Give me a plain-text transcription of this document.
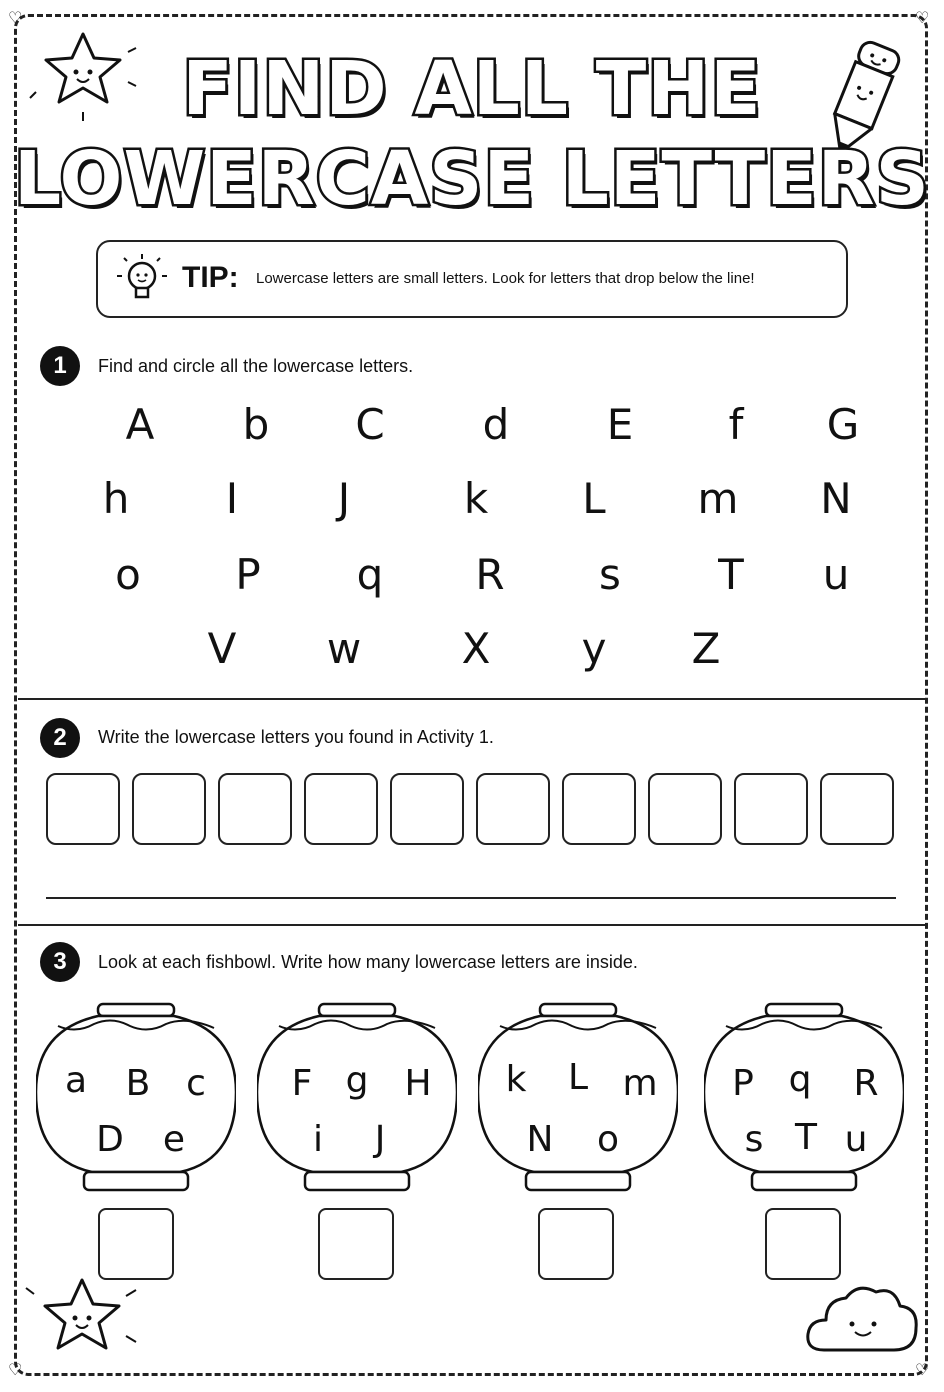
♡	♡
♡	♡
FIND ALL THE
LOWERCASE LETTERS
TIP: Lowercase letters are small letters. Look for letters that drop below the line!
1	Find and circle all the lowercase letters.
A	b	C	d	E	f	G
h	I	J	k	L	m	N
o	P	q	R	s	T	u
V	w	X	y	Z
2	Write the lowercase letters you found in Activity 1.
3	Look at each fishbowl. Write how many lowercase letters are inside.
a	B c
D	e
F g	H
i	J
k	L m
N	o
P q	R
s T u
